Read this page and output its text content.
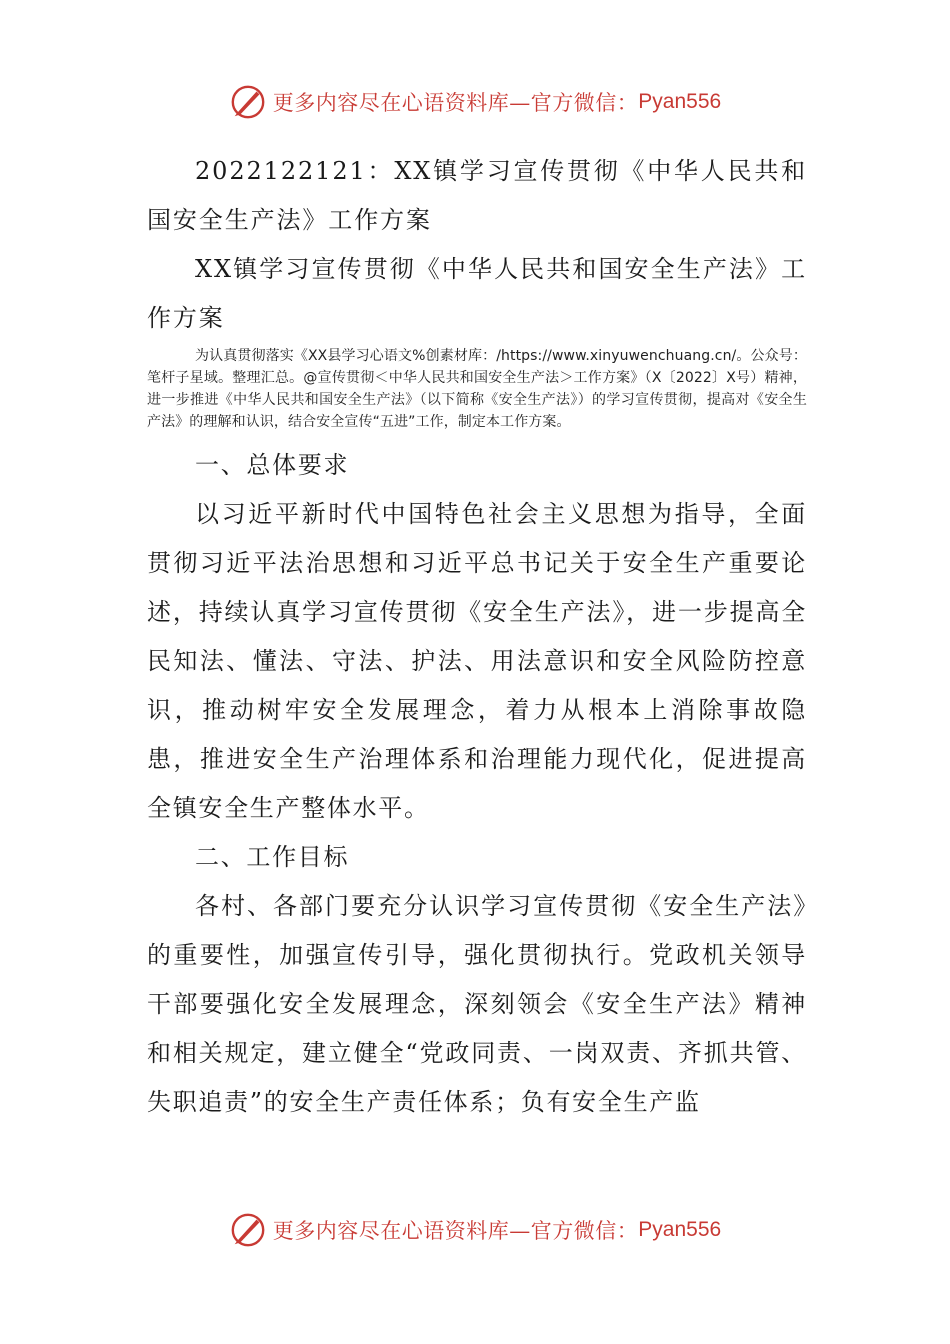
更多内容尽在心语资料库—官方微信： Pyan556

2022122121：XX镇学习宣传贯彻《中华人民共和国安全生产法》工作方案

XX镇学习宣传贯彻《中华人民共和国安全生产法》工作方案

为认真贯彻落实《XX县学习心语文%创素材库：/https://www.xinyuwenchuang.cn/。公众号：笔杆子星域。整理汇总。@宣传贯彻＜中华人民共和国安全生产法＞工作方案》（X〔2022〕X号）精神，进一步推进《中华人民共和国安全生产法》（以下简称《安全生产法》）的学习宣传贯彻，提高对《安全生产法》的理解和认识，结合安全宣传“五进”工作，制定本工作方案。

一、总体要求

以习近平新时代中国特色社会主义思想为指导，全面贯彻习近平法治思想和习近平总书记关于安全生产重要论述，持续认真学习宣传贯彻《安全生产法》，进一步提高全民知法、懂法、守法、护法、用法意识和安全风险防控意识，推动树牢安全发展理念，着力从根本上消除事故隐患，推进安全生产治理体系和治理能力现代化，促进提高全镇安全生产整体水平。

二、工作目标

各村、各部门要充分认识学习宣传贯彻《安全生产法》的重要性，加强宣传引导，强化贯彻执行。党政机关领导干部要强化安全发展理念，深刻领会《安全生产法》精神和相关规定，建立健全“党政同责、一岗双责、齐抓共管、失职追责”的安全生产责任体系；负有安全生产监

更多内容尽在心语资料库—官方微信： Pyan556
